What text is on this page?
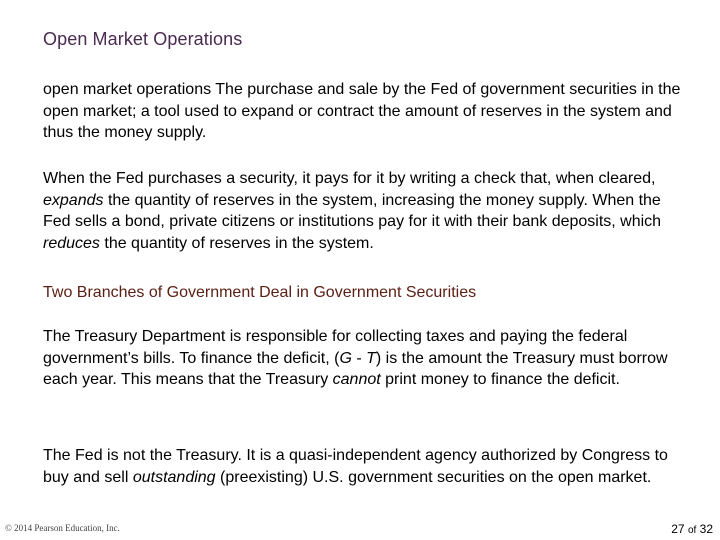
Open Market Operations
open market operations The purchase and sale by the Fed of government securities in the open market; a tool used to expand or contract the amount of reserves in the system and thus the money supply.
When the Fed purchases a security, it pays for it by writing a check that, when cleared, expands the quantity of reserves in the system, increasing the money supply. When the Fed sells a bond, private citizens or institutions pay for it with their bank deposits, which reduces the quantity of reserves in the system.
Two Branches of Government Deal in Government Securities
The Treasury Department is responsible for collecting taxes and paying the federal government’s bills. To finance the deficit, (G - T) is the amount the Treasury must borrow each year. This means that the Treasury cannot print money to finance the deficit.
The Fed is not the Treasury. It is a quasi-independent agency authorized by Congress to buy and sell outstanding (preexisting) U.S. government securities on the open market.
© 2014 Pearson Education, Inc.	27 of 32
